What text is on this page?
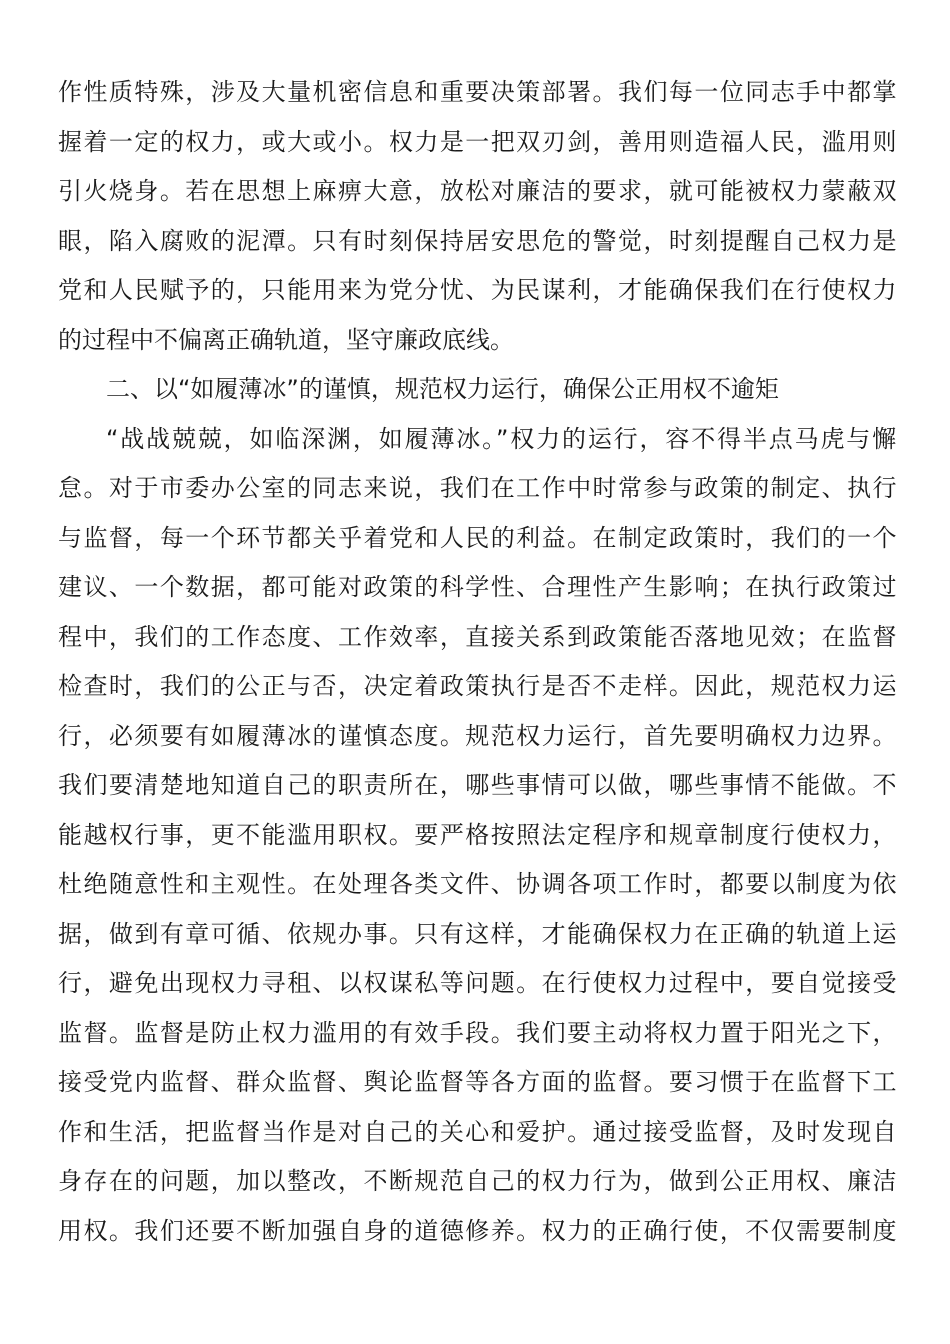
作性质特殊，涉及大量机密信息和重要决策部署。我们每一位同志手中都掌
握着一定的权力，或大或小。权力是一把双刃剑，善用则造福人民，滥用则
引火烧身。若在思想上麻痹大意，放松对廉洁的要求，就可能被权力蒙蔽双
眼，陷入腐败的泥潭。只有时刻保持居安思危的警觉，时刻提醒自己权力是
党和人民赋予的，只能用来为党分忧、为民谋利，才能确保我们在行使权力
的过程中不偏离正确轨道，坚守廉政底线。
二、以“如履薄冰”的谨慎，规范权力运行，确保公正用权不逾矩
“战战兢兢，如临深渊，如履薄冰。”权力的运行，容不得半点马虎与懈
怠。对于市委办公室的同志来说，我们在工作中时常参与政策的制定、执行
与监督，每一个环节都关乎着党和人民的利益。在制定政策时，我们的一个
建议、一个数据，都可能对政策的科学性、合理性产生影响；在执行政策过
程中，我们的工作态度、工作效率，直接关系到政策能否落地见效；在监督
检查时，我们的公正与否，决定着政策执行是否不走样。因此，规范权力运
行，必须要有如履薄冰的谨慎态度。规范权力运行，首先要明确权力边界。
我们要清楚地知道自己的职责所在，哪些事情可以做，哪些事情不能做。不
能越权行事，更不能滥用职权。要严格按照法定程序和规章制度行使权力，
杜绝随意性和主观性。在处理各类文件、协调各项工作时，都要以制度为依
据，做到有章可循、依规办事。只有这样，才能确保权力在正确的轨道上运
行，避免出现权力寻租、以权谋私等问题。在行使权力过程中，要自觉接受
监督。监督是防止权力滥用的有效手段。我们要主动将权力置于阳光之下，
接受党内监督、群众监督、舆论监督等各方面的监督。要习惯于在监督下工
作和生活，把监督当作是对自己的关心和爱护。通过接受监督，及时发现自
身存在的问题，加以整改，不断规范自己的权力行为，做到公正用权、廉洁
用权。我们还要不断加强自身的道德修养。权力的正确行使，不仅需要制度
